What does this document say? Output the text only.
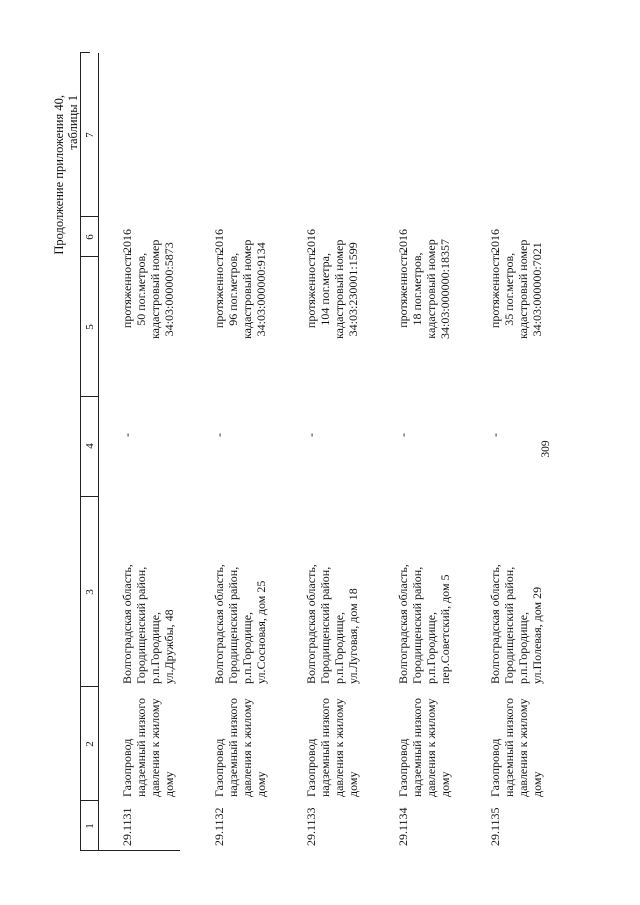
309
Продолжение приложения 40, таблицы 1
1
2
3
4
5
6
7
29.1131
Газопровод надземный низкого давления к жилому дому
Волгоградская область, Городищенский район, р.п.Городище, ул.Дружбы, 48
-
протяженность 50 пог.метров, кадастровый номер 34:03:000000:5873
2016
29.1132
Газопровод надземный низкого давления к жилому дому
Волгоградская область, Городищенский район, р.п.Городище, ул.Сосновая, дом 25
-
протяженность 96 пог.метров, кадастровый номер 34:03:000000:9134
2016
29.1133
Газопровод надземный низкого давления к жилому дому
Волгоградская область, Городищенский район, р.п.Городище, ул.Луговая, дом 18
-
протяженность 104 пог.метра, кадастровый номер 34:03:230001:1599
2016
29.1134
Газопровод надземный низкого давления к жилому дому
Волгоградская область, Городищенский район, р.п.Городище, пер.Советский, дом 5
-
протяженность 18 пог.метров, кадастровый номер 34:03:000000:18357
2016
29.1135
Газопровод надземный низкого давления к жилому дому
Волгоградская область, Городищенский район, р.п.Городище, ул.Полевая, дом 29
-
протяженность 35 пог.метров, кадастровый номер 34:03:000000:7021
2016
